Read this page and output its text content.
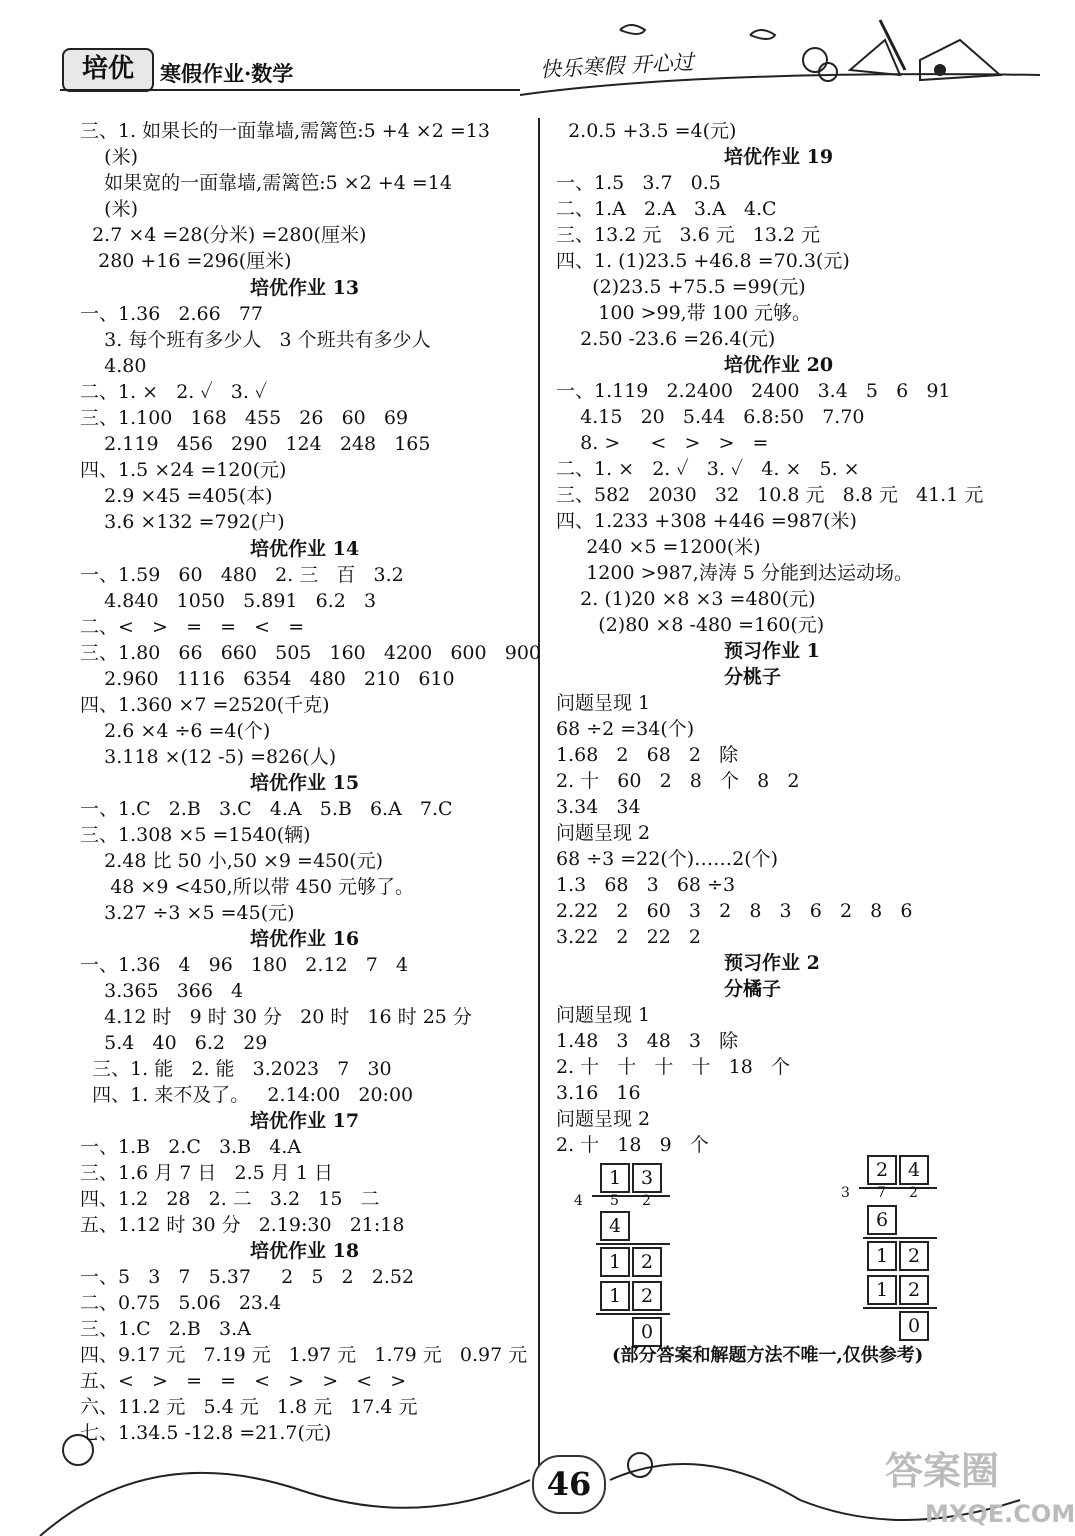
培优	寒假作业·数学	快乐寒假 开心过
三、1. 如果长的一面靠墙,需篱笆:5 +4 ×2 =13
(米)
如果宽的一面靠墙,需篱笆:5 ×2 +4 =14
(米)
2.7 ×4 =28(分米) =280(厘米)
280 +16 =296(厘米)
培优作业 13
一、1.36   2.66   77
3. 每个班有多少人   3 个班共有多少人
4.80
二、1. ×   2. ✓   3. ✓
三、1.100   168   455   26   60   69
2.119   456   290   124   248   165
四、1.5 ×24 =120(元)
2.9 ×45 =405(本)
3.6 ×132 =792(户)
培优作业 14
一、1.59   60   480   2. 三   百   3.2
4.840   1050   5.891   6.2   3
二、<   >   =   =   <   =
三、1.80   66   660   505   160   4200   600   900
2.960   1116   6354   480   210   610
四、1.360 ×7 =2520(千克)
2.6 ×4 ÷6 =4(个)
3.118 ×(12 -5) =826(人)
培优作业 15
一、1.C   2.B   3.C   4.A   5.B   6.A   7.C
三、1.308 ×5 =1540(辆)
2.48 比 50 小,50 ×9 =450(元)
48 ×9 <450,所以带 450 元够了。
3.27 ÷3 ×5 =45(元)
培优作业 16
一、1.36   4   96   180   2.12   7   4
3.365   366   4
4.12 时   9 时 30 分   20 时   16 时 25 分
5.4   40   6.2   29
三、1. 能   2. 能   3.2023   7   30
四、1. 来不及了。   2.14:00   20:00
培优作业 17
一、1.B   2.C   3.B   4.A
三、1.6 月 7 日   2.5 月 1 日
四、1.2   28   2. 二   3.2   15   二
五、1.12 时 30 分   2.19:30   21:18
培优作业 18
一、5   3   7   5.37     2   5   2   2.52
二、0.75   5.06   23.4
三、1.C   2.B   3.A
四、9.17 元   7.19 元   1.97 元   1.79 元   0.97 元
五、<   >   =   =   <   >   >   <   >
六、11.2 元   5.4 元   1.8 元   17.4 元
七、1.34.5 -12.8 =21.7(元)
2.0.5 +3.5 =4(元)
培优作业 19
一、1.5   3.7   0.5
二、1.A   2.A   3.A   4.C
三、13.2 元   3.6 元   13.2 元
四、1. (1)23.5 +46.8 =70.3(元)
(2)23.5 +75.5 =99(元)
100 >99,带 100 元够。
2.50 -23.6 =26.4(元)
培优作业 20
一、1.119   2.2400   2400   3.4   5   6   91
4.15   20   5.44   6.8:50   7.70
8. >     <   >   >   =
二、1. ×   2. ✓   3. ✓   4. ×   5. ×
三、582   2030   32   10.8 元   8.8 元   41.1 元
四、1.233 +308 +446 =987(米)
240 ×5 =1200(米)
1200 >987,涛涛 5 分能到达运动场。
2. (1)20 ×8 ×3 =480(元)
(2)80 ×8 -480 =160(元)
预习作业 1
分桃子
问题呈现 1
68 ÷2 =34(个)
1.68   2   68   2   除
2. 十   60   2   8   个   8   2
3.34   34
问题呈现 2
68 ÷3 =22(个)……2(个)
1.3   68   3   68 ÷3
2.22   2   60   3   2   8   3   6   2   8   6
3.22   2   22   2
预习作业 2
分橘子
问题呈现 1
1.48   3   48   3   除
2. 十   十   十   十   18   个
3.16   16
问题呈现 2
2. 十   18   9   个
1	3
4 5 2
4
1	2
1	2
0
2	4
3 7 2
6
1	2
1	2
0
(部分答案和解题方法不唯一,仅供参考)
46	答案圈
MXQE.COM
